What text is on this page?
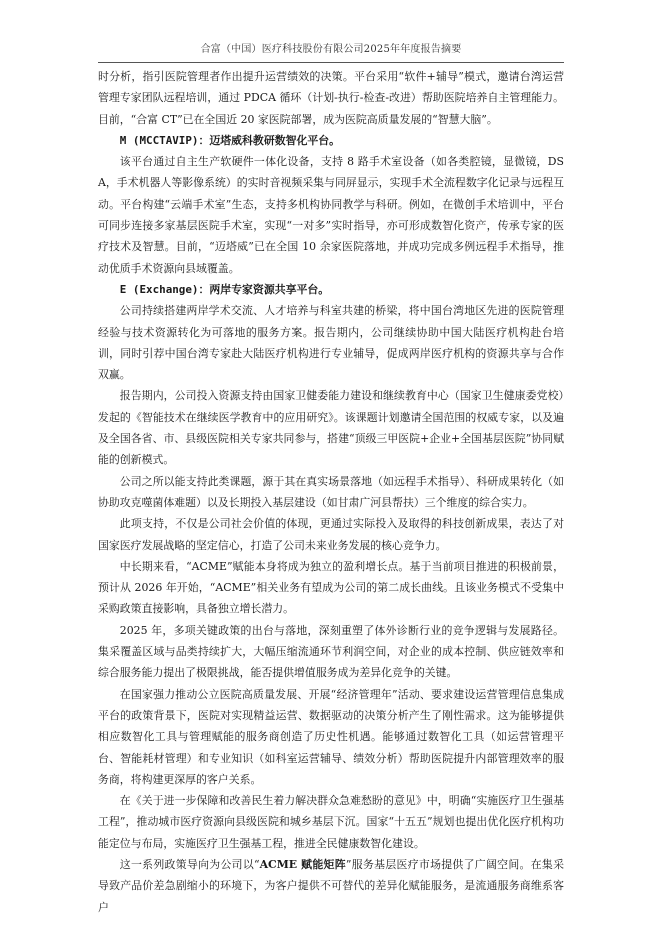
合富（中国）医疗科技股份有限公司2025年年度报告摘要

时分析，指引医院管理者作出提升运营绩效的决策。平台采用“软件+辅导”模式，邀请台湾运营管理专家团队远程培训，通过 PDCA 循环（计划-执行-检查-改进）帮助医院培养自主管理能力。目前，“合富 CT”已在全国近 20 家医院部署，成为医院高质量发展的“智慧大脑”。

M (MCCTAVIP)：迈塔威科教研数智化平台。

该平台通过自主生产软硬件一体化设备，支持 8 路手术室设备（如各类腔镜，显微镜，DSA，手术机器人等影像系统）的实时音视频采集与同屏显示，实现手术全流程数字化记录与远程互动。平台构建“云端手术室”生态，支持多机构协同教学与科研。例如，在微创手术培训中，平台可同步连接多家基层医院手术室，实现“一对多”实时指导，亦可形成数智化资产，传承专家的医疗技术及智慧。目前，“迈塔威”已在全国 10 余家医院落地，并成功完成多例远程手术指导，推动优质手术资源向县域覆盖。

E (Exchange)：两岸专家资源共享平台。

公司持续搭建两岸学术交流、人才培养与科室共建的桥梁，将中国台湾地区先进的医院管理经验与技术资源转化为可落地的服务方案。报告期内，公司继续协助中国大陆医疗机构赴台培训，同时引荐中国台湾专家赴大陆医疗机构进行专业辅导，促成两岸医疗机构的资源共享与合作双赢。

报告期内，公司投入资源支持由国家卫健委能力建设和继续教育中心（国家卫生健康委党校）发起的《智能技术在继续医学教育中的应用研究》。该课题计划邀请全国范围的权威专家，以及遍及全国各省、市、县级医院相关专家共同参与，搭建“顶级三甲医院+企业+全国基层医院”协同赋能的创新模式。

公司之所以能支持此类课题，源于其在真实场景落地（如远程手术指导）、科研成果转化（如协助攻克噬菌体难题）以及长期投入基层建设（如甘肃广河县帮扶）三个维度的综合实力。

此项支持，不仅是公司社会价值的体现，更通过实际投入及取得的科技创新成果，表达了对国家医疗发展战略的坚定信心，打造了公司未来业务发展的核心竞争力。

中长期来看，“ACME”赋能本身将成为独立的盈利增长点。基于当前项目推进的积极前景，预计从 2026 年开始，“ACME”相关业务有望成为公司的第二成长曲线。且该业务模式不受集中采购政策直接影响，具备独立增长潜力。

2025 年，多项关键政策的出台与落地，深刻重塑了体外诊断行业的竞争逻辑与发展路径。集采覆盖区域与品类持续扩大，大幅压缩流通环节利润空间，对企业的成本控制、供应链效率和综合服务能力提出了极限挑战，能否提供增值服务成为差异化竞争的关键。

在国家强力推动公立医院高质量发展、开展“经济管理年”活动、要求建设运营管理信息集成平台的政策背景下，医院对实现精益运营、数据驱动的决策分析产生了刚性需求。这为能够提供相应数智化工具与管理赋能的服务商创造了历史性机遇。能够通过数智化工具（如运营管理平台、智能耗材管理）和专业知识（如科室运营辅导、绩效分析）帮助医院提升内部管理效率的服务商，将构建更深厚的客户关系。

在《关于进一步保障和改善民生着力解决群众急难愁盼的意见》中，明确“实施医疗卫生强基工程”，推动城市医疗资源向县级医院和城乡基层下沉。国家“十五五”规划也提出优化医疗机构功能定位与布局，实施医疗卫生强基工程，推进全民健康数智化建设。

这一系列政策导向为公司以“ACME 赋能矩阵”服务基层医疗市场提供了广阔空间。在集采导致产品价差急剧缩小的环境下，为客户提供不可替代的差异化赋能服务，是流通服务商维系客户
